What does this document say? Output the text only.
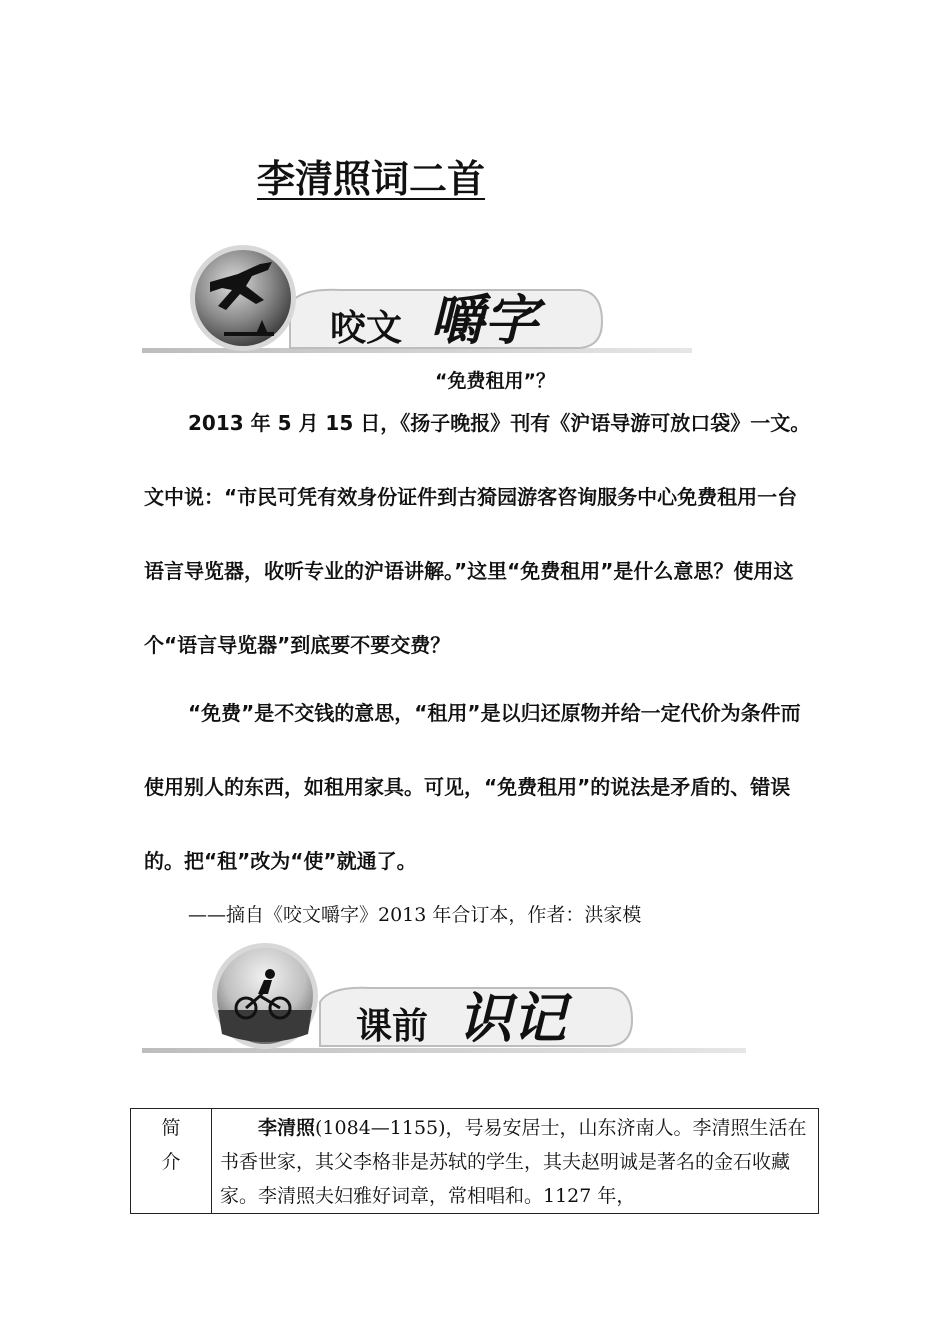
李清照词二首
咬文 嚼字
“免费租用”？

2013 年 5 月 15 日，《扬子晚报》刊有《沪语导游可放口袋》一文。文中说：“市民可凭有效身份证件到古猗园游客咨询服务中心免费租用一台语言导览器，收听专业的沪语讲解。”这里“免费租用”是什么意思？使用这个“语言导览器”到底要不要交费？

“免费”是不交钱的意思，“租用”是以归还原物并给一定代价为条件而使用别人的东西，如租用家具。可见，“免费租用”的说法是矛盾的、错误的。把“租”改为“使”就通了。

——摘自《咬文嚼字》2013 年合订本，作者：洪家模
课前 识记
简介
	李清照(1084—1155)，号易安居士，山东济南人。李清照生活在书香世家，其父李格非是苏轼的学生，其夫赵明诚是著名的金石收藏家。李清照夫妇雅好词章，常相唱和。1127 年，
